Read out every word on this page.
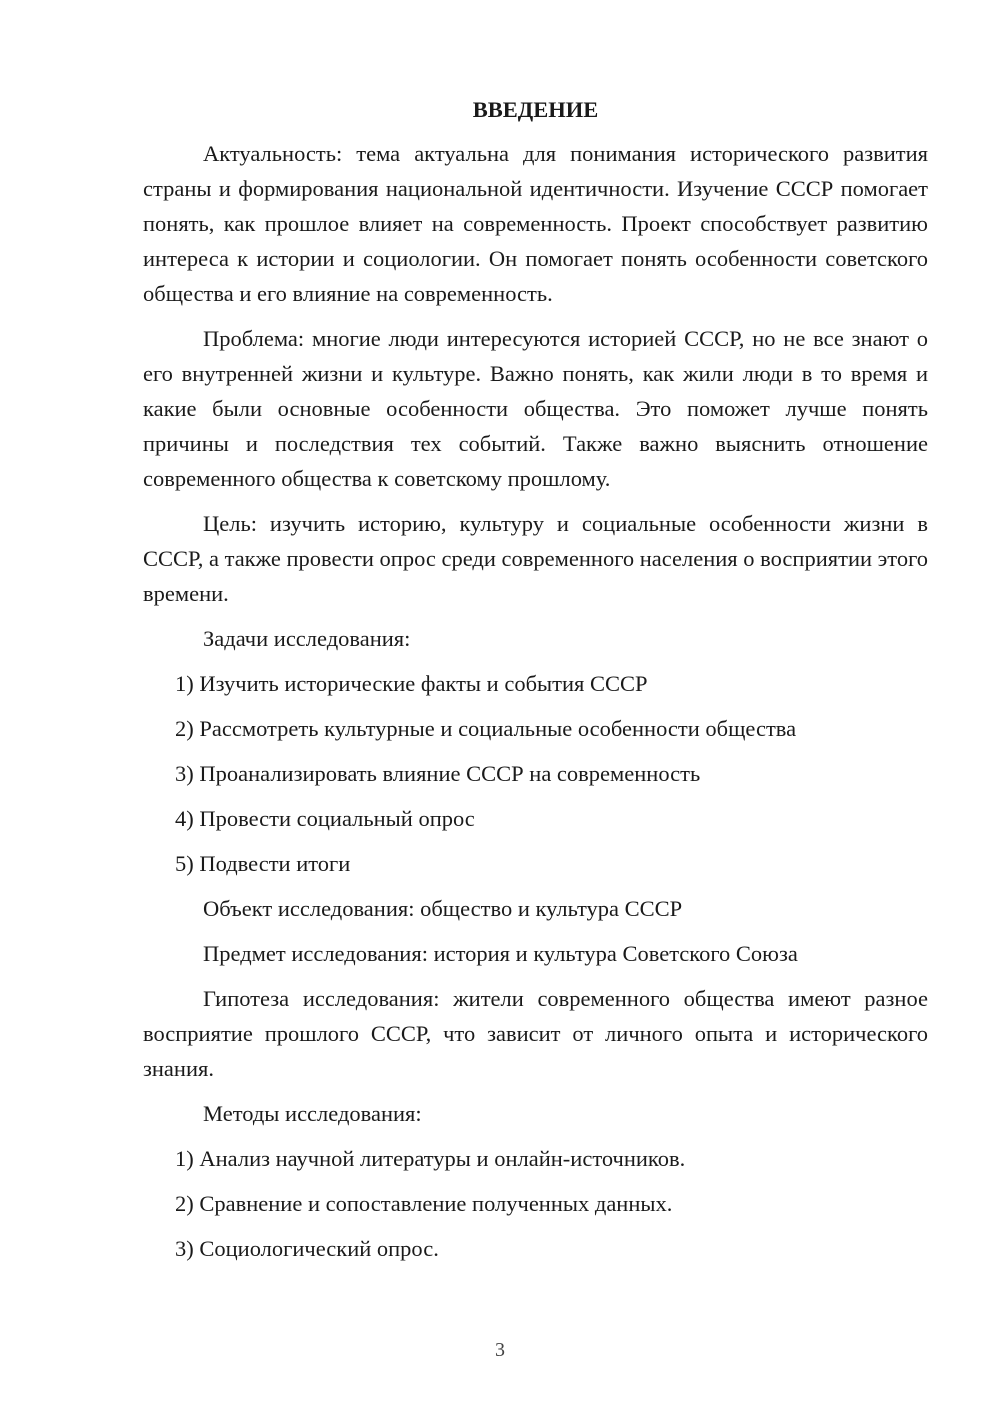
ВВЕДЕНИЕ

Актуальность: тема актуальна для понимания исторического развития страны и формирования национальной идентичности. Изучение СССР помогает понять, как прошлое влияет на современность. Проект способствует развитию интереса к истории и социологии. Он помогает понять особенности советского общества и его влияние на современность.

Проблема: многие люди интересуются историей СССР, но не все знают о его внутренней жизни и культуре. Важно понять, как жили люди в то время и какие были основные особенности общества. Это поможет лучше понять причины и последствия тех событий. Также важно выяснить отношение современного общества к советскому прошлому.

Цель: изучить историю, культуру и социальные особенности жизни в СССР, а также провести опрос среди современного населения о восприятии этого времени.

Задачи исследования:

1) Изучить исторические факты и события СССР
2) Рассмотреть культурные и социальные особенности общества
3) Проанализировать влияние СССР на современность
4) Провести социальный опрос
5) Подвести итоги

Объект исследования: общество и культура СССР

Предмет исследования: история и культура Советского Союза

Гипотеза исследования: жители современного общества имеют разное восприятие прошлого СССР, что зависит от личного опыта и исторического знания.

Методы исследования:

1) Анализ научной литературы и онлайн-источников.
2) Сравнение и сопоставление полученных данных.
3) Социологический опрос.
3
